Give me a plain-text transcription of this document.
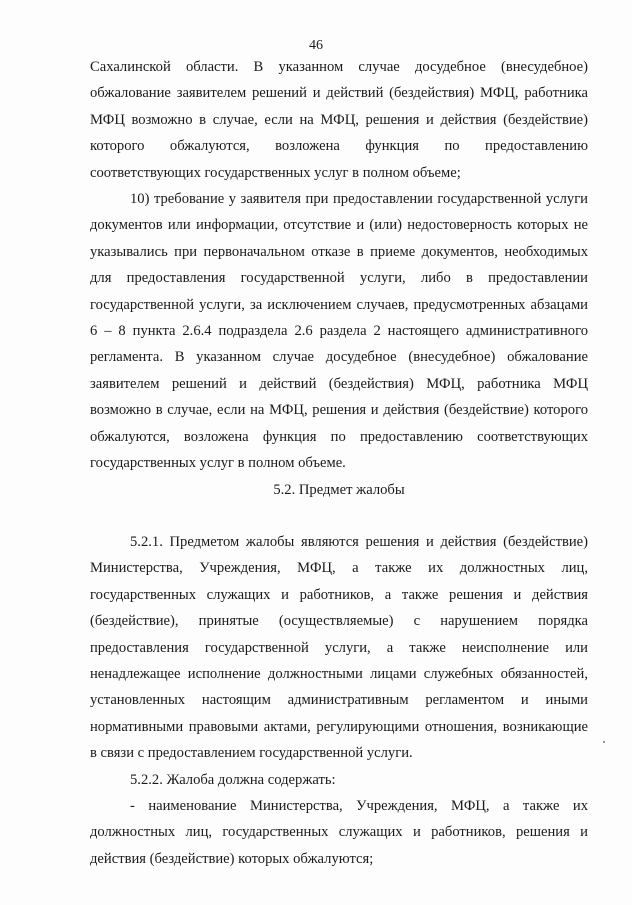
46

Сахалинской области. В указанном случае досудебное (внесудебное) обжалование заявителем решений и действий (бездействия) МФЦ, работника МФЦ возможно в случае, если на МФЦ, решения и действия (бездействие) которого обжалуются, возложена функция по предоставлению соответствующих государственных услуг в полном объеме;

10) требование у заявителя при предоставлении государственной услуги документов или информации, отсутствие и (или) недостоверность которых не указывались при первоначальном отказе в приеме документов, необходимых для предоставления государственной услуги, либо в предоставлении государственной услуги, за исключением случаев, предусмотренных абзацами 6 – 8 пункта 2.6.4 подраздела 2.6 раздела 2 настоящего административного регламента. В указанном случае досудебное (внесудебное) обжалование заявителем решений и действий (бездействия) МФЦ, работника МФЦ возможно в случае, если на МФЦ, решения и действия (бездействие) которого обжалуются, возложена функция по предоставлению соответствующих государственных услуг в полном объеме.

5.2. Предмет жалобы

5.2.1. Предметом жалобы являются решения и действия (бездействие) Министерства, Учреждения, МФЦ, а также их должностных лиц, государственных служащих и работников, а также решения и действия (бездействие), принятые (осуществляемые) с нарушением порядка предоставления государственной услуги, а также неисполнение или ненадлежащее исполнение должностными лицами служебных обязанностей, установленных настоящим административным регламентом и иными нормативными правовыми актами, регулирующими отношения, возникающие в связи с предоставлением государственной услуги.

5.2.2. Жалоба должна содержать:

- наименование Министерства, Учреждения, МФЦ, а также их должностных лиц, государственных служащих и работников, решения и действия (бездействие) которых обжалуются;
